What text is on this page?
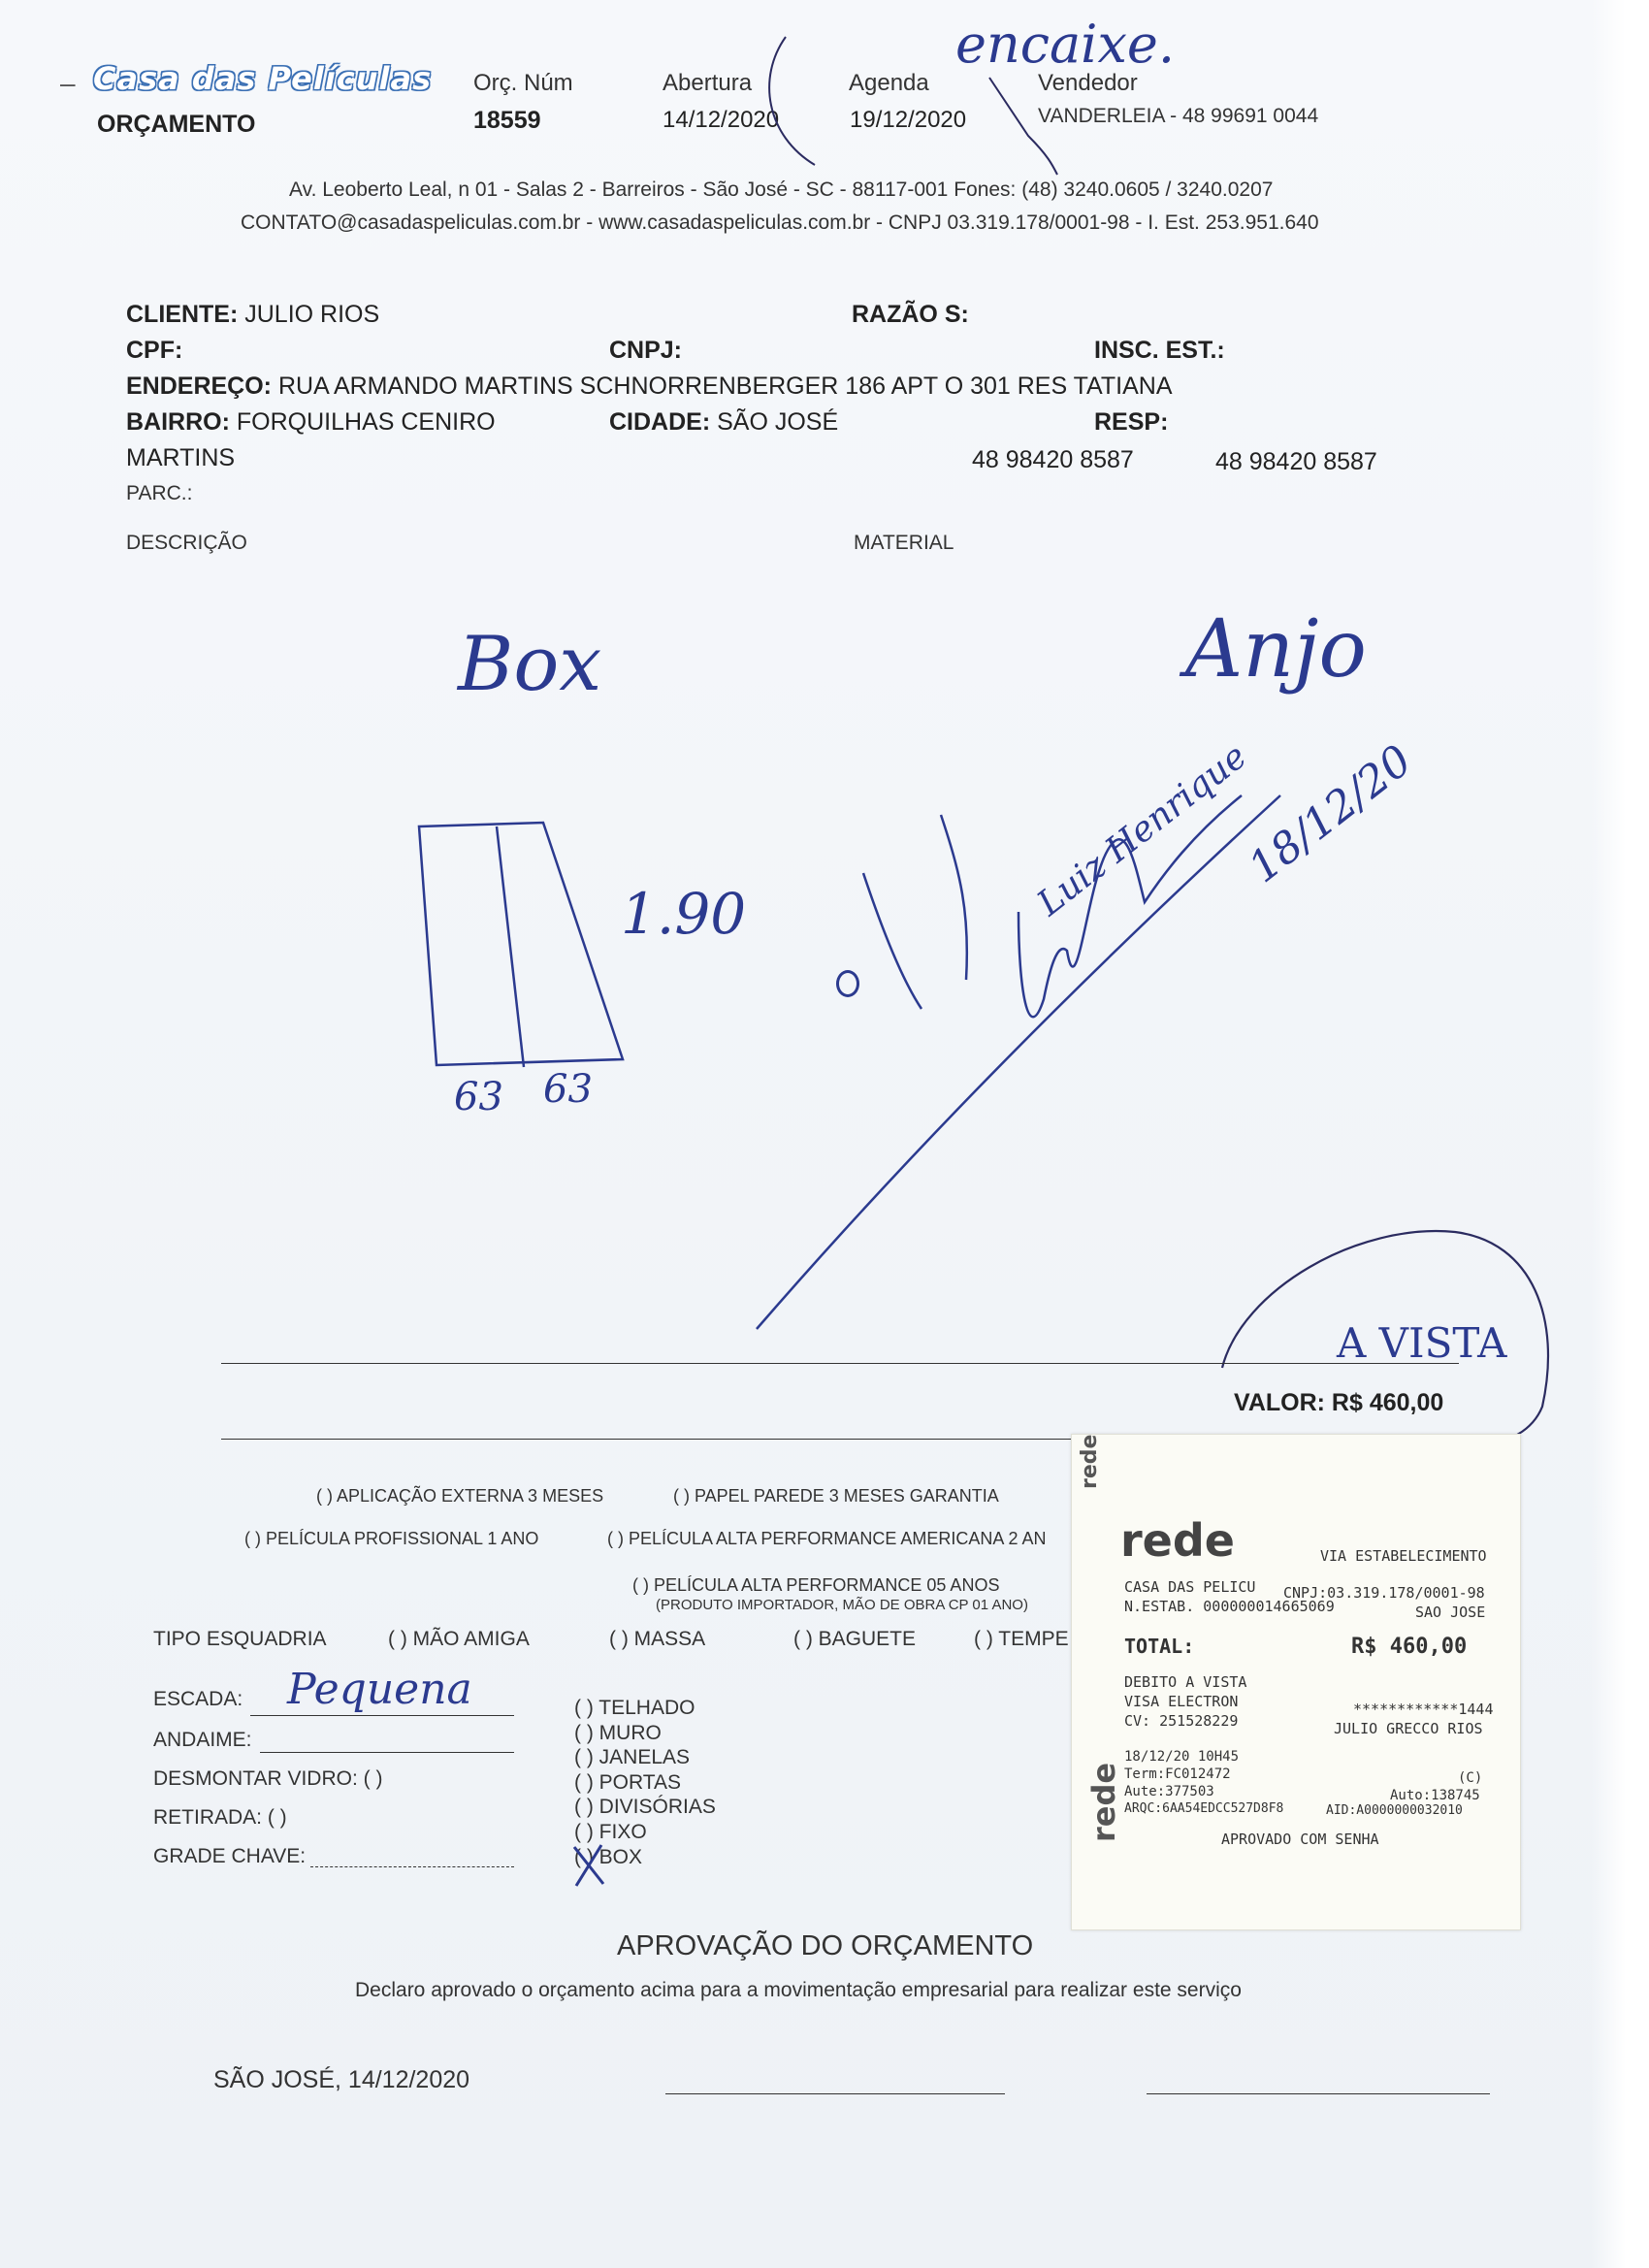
– Casa das Películas
ORÇAMENTO
Orç. Núm
18559
Abertura
14/12/2020
Agenda
19/12/2020
Vendedor
VANDERLEIA - 48 99691 0044
encaixe.
Av. Leoberto Leal, n 01 - Salas 2 - Barreiros - São José - SC - 88117-001 Fones: (48) 3240.0605 / 3240.0207
CONTATO@casadaspeliculas.com.br - www.casadaspeliculas.com.br - CNPJ 03.319.178/0001-98 - I. Est. 253.951.640
CLIENTE: JULIO RIOS	RAZÃO S:
CPF:	CNPJ:	INSC. EST.:
ENDEREÇO: RUA ARMANDO MARTINS SCHNORRENBERGER 186 APT O 301 RES TATIANA
BAIRRO: FORQUILHAS CENIRO	CIDADE: SÃO JOSÉ	RESP:
MARTINS	48 98420 8587	48 98420 8587
PARC.:
DESCRIÇÃO	MATERIAL
Box	Anjo
1.90
63 63
Luiz Henrique
18/12/20
A VISTA
VALOR: R$ 460,00
( ) APLICAÇÃO EXTERNA 3 MESES	( ) PAPEL PAREDE 3 MESES GARANTIA
( ) PELÍCULA PROFISSIONAL 1 ANO	( ) PELÍCULA ALTA PERFORMANCE AMERICANA 2 AN
( ) PELÍCULA ALTA PERFORMANCE 05 ANOS
(PRODUTO IMPORTADOR, MÃO DE OBRA CP 01 ANO)
TIPO ESQUADRIA	( ) MÃO AMIGA	( ) MASSA	( ) BAGUETE	( ) TEMPE
ESCADA: Pequena
ANDAIME:
DESMONTAR VIDRO: ( )
RETIRADA: ( )
GRADE CHAVE:
( ) TELHADO
( ) MURO
( ) JANELAS
( ) PORTAS
( ) DIVISÓRIAS
( ) FIXO
( ) BOX
APROVAÇÃO DO ORÇAMENTO
Declaro aprovado o orçamento acima para a movimentação empresarial para realizar este serviço
SÃO JOSÉ, 14/12/2020
rede
rede	VIA ESTABELECIMENTO
CASA DAS PELICU CNPJ:03.319.178/0001-98
N.ESTAB. 000000014665069	SAO JOSE
TOTAL:	R$ 460,00
DEBITO A VISTA
VISA ELECTRON	************1444
CV: 251528229	JULIO GRECCO RIOS
18/12/20 10H45
Term:FC012472	(C)
Aute:377503	Auto:138745
ARQC:6AA54EDCC527D8F8	AID:A0000000032010
APROVADO COM SENHA
rede
